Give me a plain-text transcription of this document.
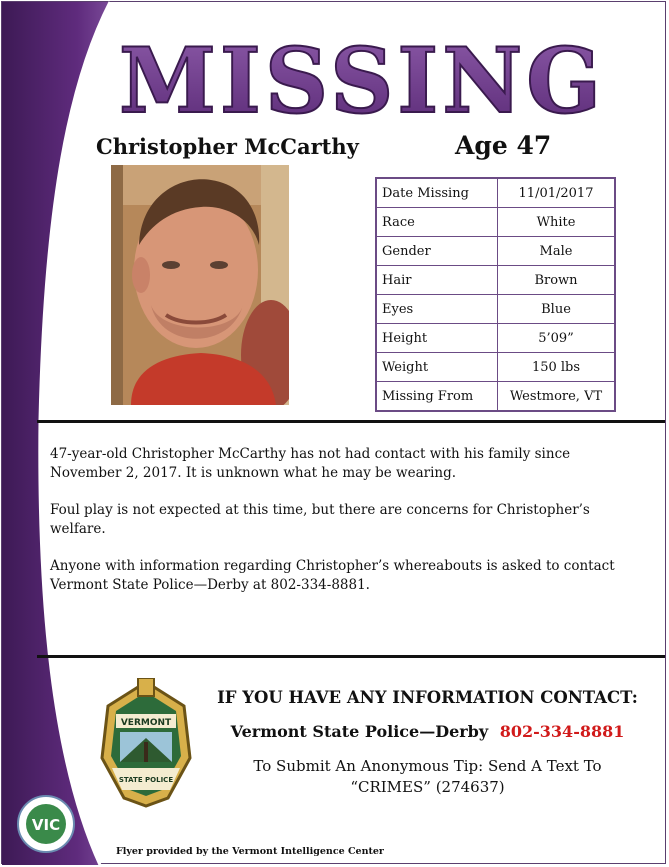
MISSING
Christopher McCarthy	Age 47
Date Missing	11/01/2017
Race	White
Gender	Male
Hair	Brown
Eyes	Blue
Height	5’09”
Weight	150 lbs
Missing From	Westmore, VT

47-year-old Christopher McCarthy has not had contact with his family since November 2, 2017. It is unknown what he may be wearing.

Foul play is not expected at this time, but there are concerns for Christopher’s welfare.

Anyone with information regarding Christopher’s whereabouts is asked to contact Vermont State Police—Derby at 802-334-8881.

VERMONT
STATE POLICE
VIC
IF YOU HAVE ANY INFORMATION CONTACT:
Vermont State Police—Derby 802-334-8881
To Submit An Anonymous Tip: Send A Text To
“CRIMES” (274637)
Flyer provided by the Vermont Intelligence Center
